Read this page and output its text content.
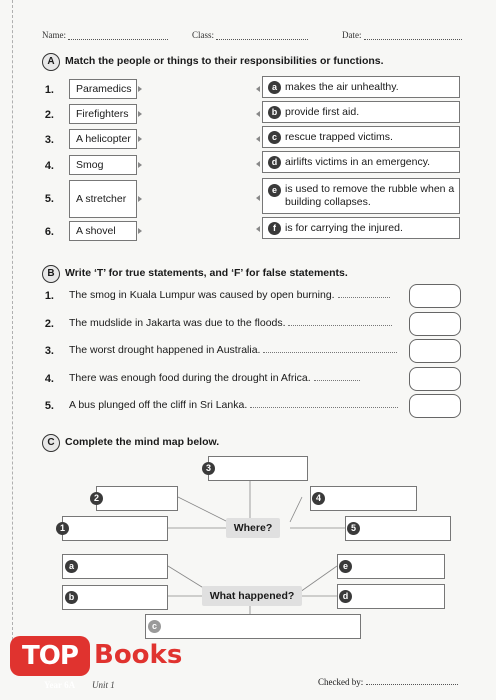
Name:	Class:	Date:
A Match the people or things to their responsibilities or functions.
1.	Paramedics
2.	Firefighters
3.	A helicopter
4.	Smog
5.	A stretcher
6.	A shovel
a makes the air unhealthy.
b provide first aid.
c rescue trapped victims.
d airlifts victims in an emergency.
e is used to remove the rubble when a building collapses.
f is for carrying the injured.
B Write ‘T’ for true statements, and ‘F’ for false statements.
1. The smog in Kuala Lumpur was caused by open burning.
2. The mudslide in Jakarta was due to the floods.
3. The worst drought happened in Australia.
4. There was enough food during the drought in Africa.
5. A bus plunged off the cliff in Sri Lanka.
C Complete the mind map below.
3
2	4
1	5
Where?
a	e
b	d
What happened?
c
TOP Books
Year 6A Unit 1	Checked by:
